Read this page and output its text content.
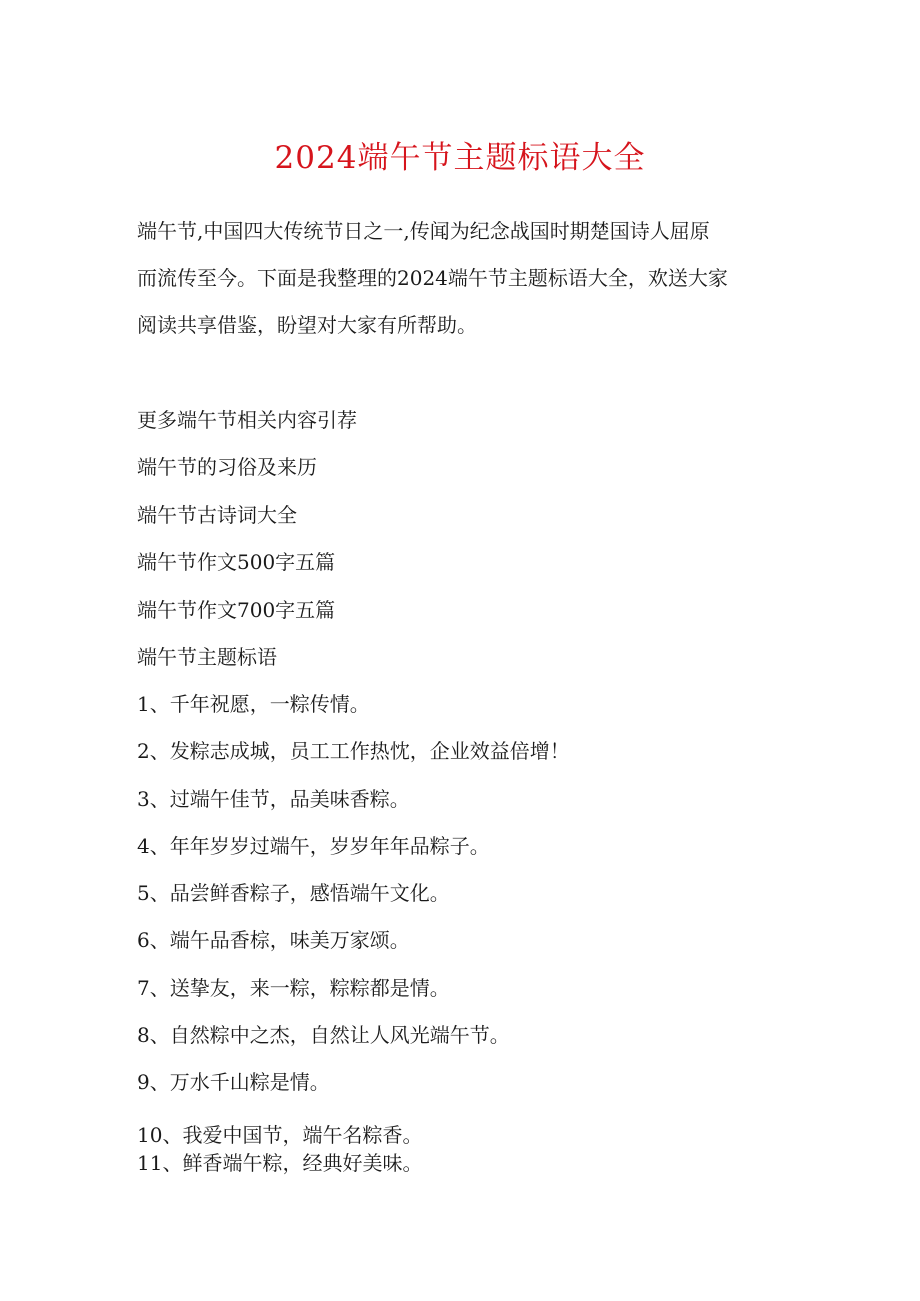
2024端午节主题标语大全

端午节,中国四大传统节日之一,传闻为纪念战国时期楚国诗人屈原
而流传至今。下面是我整理的2024端午节主题标语大全，欢送大家
阅读共享借鉴，盼望对大家有所帮助。

更多端午节相关内容引荐
端午节的习俗及来历
端午节古诗词大全
端午节作文500字五篇
端午节作文700字五篇
端午节主题标语
1、千年祝愿，一粽传情。
2、发粽志成城，员工工作热忱，企业效益倍增！
3、过端午佳节，品美味香粽。
4、年年岁岁过端午，岁岁年年品粽子。
5、品尝鲜香粽子，感悟端午文化。
6、端午品香棕，味美万家颂。
7、送挚友，来一粽，粽粽都是情。
8、自然粽中之杰，自然让人风光端午节。
9、万水千山粽是情。
10、我爱中国节，端午名粽香。
11、鲜香端午粽，经典好美味。
